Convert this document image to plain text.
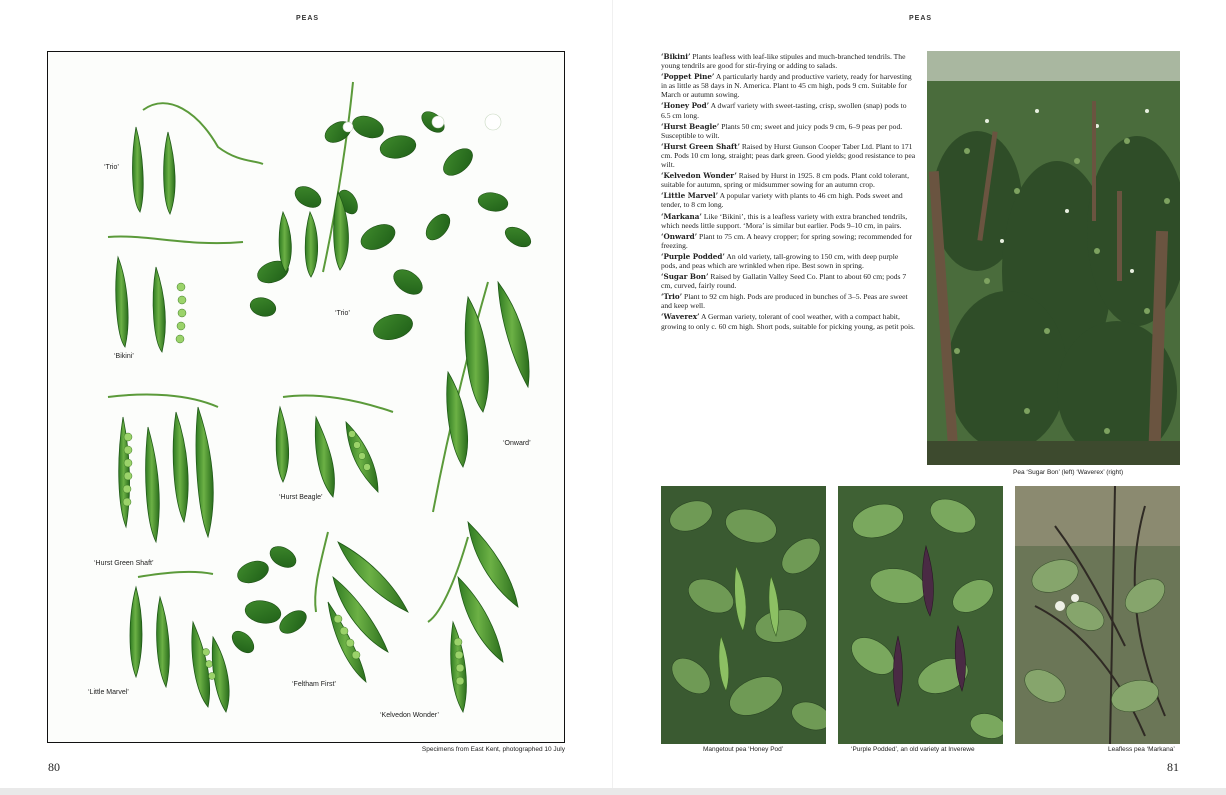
PEAS
‘Trio’
‘Bikini’
‘Trio’
‘Onward’
‘Hurst Beagle’
‘Hurst Green Shaft’
‘Feltham First’
‘Little Marvel’
‘Kelvedon Wonder’
Specimens from East Kent, photographed 10 July
80
PEAS

‘Bikini’ Plants leafless with leaf-like stipules and much-branched tendrils. The young tendrils are good for stir-frying or adding to salads.

‘Poppet Pine’ A particularly hardy and productive variety, ready for harvesting in as little as 58 days in N. America. Plant to 45 cm high, pods 9 cm. Suitable for March or autumn sowing.

‘Honey Pod’ A dwarf variety with sweet-tasting, crisp, swollen (snap) pods to 6.5 cm long.

‘Hurst Beagle’ Plants 50 cm; sweet and juicy pods 9 cm, 6–9 peas per pod. Susceptible to wilt.

‘Hurst Green Shaft’ Raised by Hurst Gunson Cooper Taber Ltd. Plant to 171 cm. Pods 10 cm long, straight; peas dark green. Good yields; good resistance to pea wilt.

‘Kelvedon Wonder’ Raised by Hurst in 1925. 8 cm pods. Plant cold tolerant, suitable for autumn, spring or midsummer sowing for an autumn crop.

‘Little Marvel’ A popular variety with plants to 46 cm high. Pods sweet and tender, to 8 cm long.

‘Markana’ Like ‘Bikini’, this is a leafless variety with extra branched tendrils, which needs little support. ‘Mora’ is similar but earlier. Pods 9–10 cm, in pairs.

‘Onward’ Plant to 75 cm. A heavy cropper; for spring sowing; recommended for freezing.

‘Purple Podded’ An old variety, tall-growing to 150 cm, with deep purple pods, and peas which are wrinkled when ripe. Best sown in spring.

‘Sugar Bon’ Raised by Gallatin Valley Seed Co. Plant to about 60 cm; pods 7 cm, curved, fairly round.

‘Trio’ Plant to 92 cm high. Pods are produced in bunches of 3–5. Peas are sweet and keep well.

‘Waverex’ A German variety, tolerant of cool weather, with a compact habit, growing to only c. 60 cm high. Short pods, suitable for picking young, as petit pois.

Pea ‘Sugar Bon’ (left) ‘Waverex’ (right)
Mangetout pea ‘Honey Pod’	‘Purple Podded’, an old variety at Inverewe	Leafless pea ‘Markana’
81
